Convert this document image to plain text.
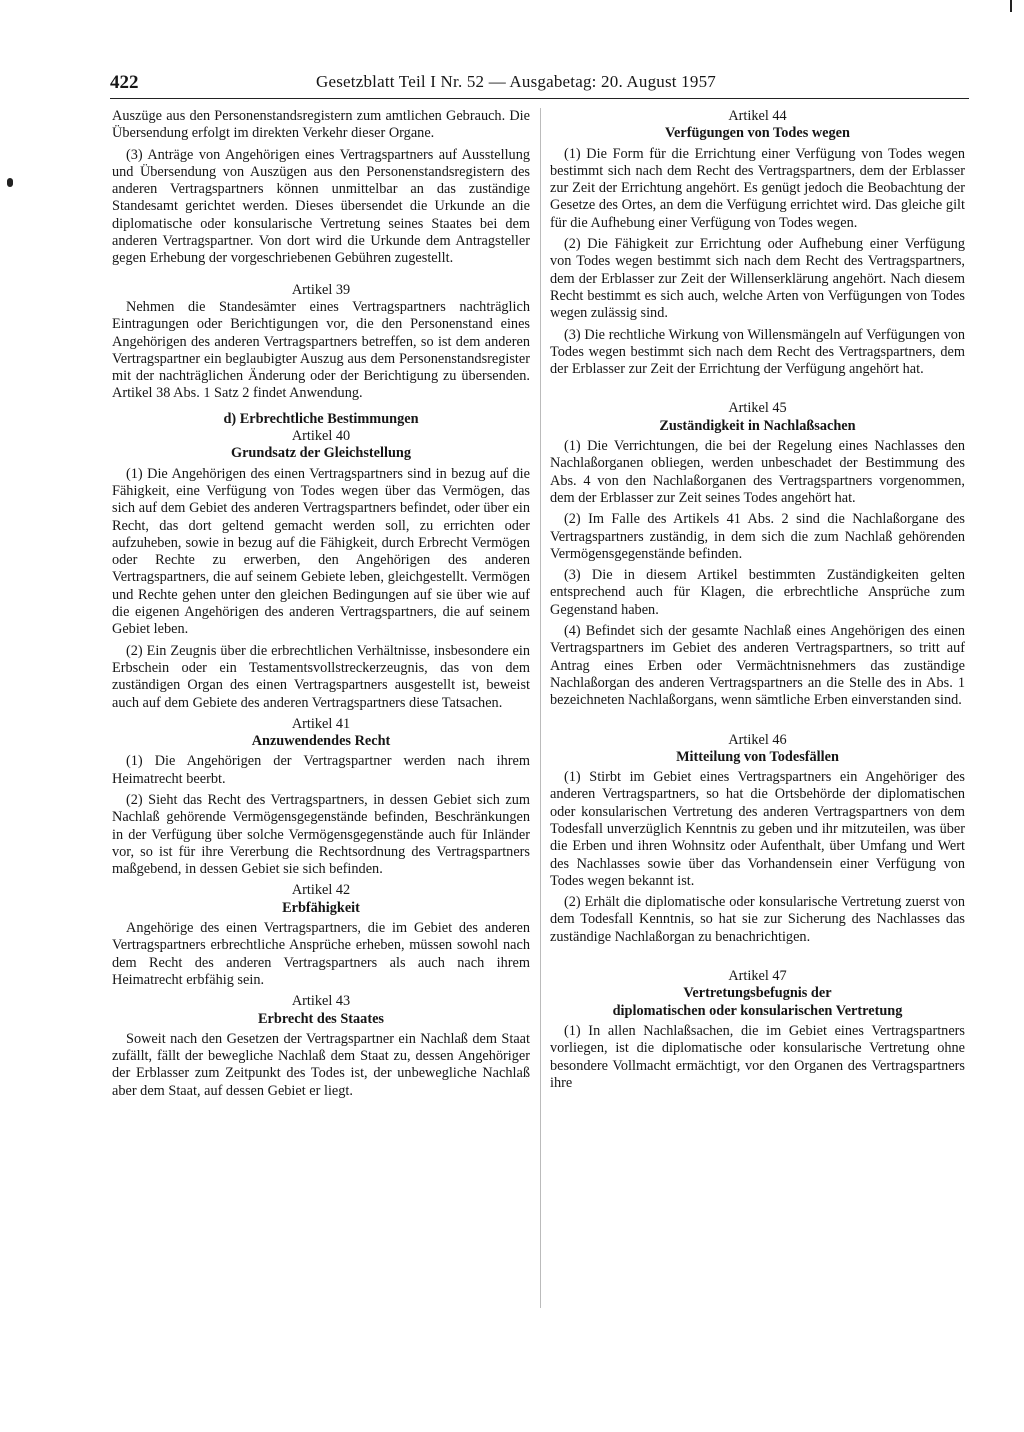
422	Gesetzblatt Teil I Nr. 52 — Ausgabetag: 20. August 1957

Auszüge aus den Personenstandsregistern zum amtlichen Gebrauch. Die Übersendung erfolgt im direkten Verkehr dieser Organe.

(3) Anträge von Angehörigen eines Vertragspartners auf Ausstellung und Übersendung von Auszügen aus den Personenstandsregistern des anderen Vertragspartners können unmittelbar an das zuständige Standesamt gerichtet werden. Dieses übersendet die Urkunde an die diplomatische oder konsularische Vertretung seines Staates bei dem anderen Vertragspartner. Von dort wird die Urkunde dem Antragsteller gegen Erhebung der vorgeschriebenen Gebühren zugestellt.

Artikel 39

Nehmen die Standesämter eines Vertragspartners nachträglich Eintragungen oder Berichtigungen vor, die den Personenstand eines Angehörigen des anderen Vertragspartners betreffen, so ist dem anderen Vertragspartner ein beglaubigter Auszug aus dem Personenstandsregister mit der nachträglichen Änderung oder der Berichtigung zu übersenden. Artikel 38 Abs. 1 Satz 2 findet Anwendung.

d) Erbrechtliche Bestimmungen
Artikel 40
Grundsatz der Gleichstellung

(1) Die Angehörigen des einen Vertragspartners sind in bezug auf die Fähigkeit, eine Verfügung von Todes wegen über das Vermögen, das sich auf dem Gebiet des anderen Vertragspartners befindet, oder über ein Recht, das dort geltend gemacht werden soll, zu errichten oder aufzuheben, sowie in bezug auf die Fähigkeit, durch Erbrecht Vermögen oder Rechte zu erwerben, den Angehörigen des anderen Vertragspartners, die auf seinem Gebiete leben, gleichgestellt. Vermögen und Rechte gehen unter den gleichen Bedingungen auf sie über wie auf die eigenen Angehörigen des anderen Vertragspartners, die auf seinem Gebiet leben.

(2) Ein Zeugnis über die erbrechtlichen Verhältnisse, insbesondere ein Erbschein oder ein Testamentsvollstreckerzeugnis, das von dem zuständigen Organ des einen Vertragspartners ausgestellt ist, beweist auch auf dem Gebiete des anderen Vertragspartners diese Tatsachen.

Artikel 41
Anzuwendendes Recht

(1) Die Angehörigen der Vertragspartner werden nach ihrem Heimatrecht beerbt.

(2) Sieht das Recht des Vertragspartners, in dessen Gebiet sich zum Nachlaß gehörende Vermögensgegenstände befinden, Beschränkungen in der Verfügung über solche Vermögensgegenstände auch für Inländer vor, so ist für ihre Vererbung die Rechtsordnung des Vertragspartners maßgebend, in dessen Gebiet sie sich befinden.

Artikel 42
Erbfähigkeit

Angehörige des einen Vertragspartners, die im Gebiet des anderen Vertragspartners erbrechtliche Ansprüche erheben, müssen sowohl nach dem Recht des anderen Vertragspartners als auch nach ihrem Heimatrecht erbfähig sein.

Artikel 43
Erbrecht des Staates

Soweit nach den Gesetzen der Vertragspartner ein Nachlaß dem Staat zufällt, fällt der bewegliche Nachlaß dem Staat zu, dessen Angehöriger der Erblasser zum Zeitpunkt des Todes ist, der unbewegliche Nachlaß aber dem Staat, auf dessen Gebiet er liegt.

Artikel 44
Verfügungen von Todes wegen

(1) Die Form für die Errichtung einer Verfügung von Todes wegen bestimmt sich nach dem Recht des Vertragspartners, dem der Erblasser zur Zeit der Errichtung angehört. Es genügt jedoch die Beobachtung der Gesetze des Ortes, an dem die Verfügung errichtet wird. Das gleiche gilt für die Aufhebung einer Verfügung von Todes wegen.

(2) Die Fähigkeit zur Errichtung oder Aufhebung einer Verfügung von Todes wegen bestimmt sich nach dem Recht des Vertragspartners, dem der Erblasser zur Zeit der Willenserklärung angehört. Nach diesem Recht bestimmt es sich auch, welche Arten von Verfügungen von Todes wegen zulässig sind.

(3) Die rechtliche Wirkung von Willensmängeln auf Verfügungen von Todes wegen bestimmt sich nach dem Recht des Vertragspartners, dem der Erblasser zur Zeit der Errichtung der Verfügung angehört hat.

Artikel 45
Zuständigkeit in Nachlaßsachen

(1) Die Verrichtungen, die bei der Regelung eines Nachlasses den Nachlaßorganen obliegen, werden unbeschadet der Bestimmung des Abs. 4 von den Nachlaßorganen des Vertragspartners vorgenommen, dem der Erblasser zur Zeit seines Todes angehört hat.

(2) Im Falle des Artikels 41 Abs. 2 sind die Nachlaßorgane des Vertragspartners zuständig, in dem sich die zum Nachlaß gehörenden Vermögensgegenstände befinden.

(3) Die in diesem Artikel bestimmten Zuständigkeiten gelten entsprechend auch für Klagen, die erbrechtliche Ansprüche zum Gegenstand haben.

(4) Befindet sich der gesamte Nachlaß eines Angehörigen des einen Vertragspartners im Gebiet des anderen Vertragspartners, so tritt auf Antrag eines Erben oder Vermächtnisnehmers das zuständige Nachlaßorgan des anderen Vertragspartners an die Stelle des in Abs. 1 bezeichneten Nachlaßorgans, wenn sämtliche Erben einverstanden sind.

Artikel 46
Mitteilung von Todesfällen

(1) Stirbt im Gebiet eines Vertragspartners ein Angehöriger des anderen Vertragspartners, so hat die Ortsbehörde der diplomatischen oder konsularischen Vertretung des anderen Vertragspartners von dem Todesfall unverzüglich Kenntnis zu geben und ihr mitzuteilen, was über die Erben und ihren Wohnsitz oder Aufenthalt, über Umfang und Wert des Nachlasses sowie über das Vorhandensein einer Verfügung von Todes wegen bekannt ist.

(2) Erhält die diplomatische oder konsularische Vertretung zuerst von dem Todesfall Kenntnis, so hat sie zur Sicherung des Nachlasses das zuständige Nachlaßorgan zu benachrichtigen.

Artikel 47
Vertretungsbefugnis der
diplomatischen oder konsularischen Vertretung

(1) In allen Nachlaßsachen, die im Gebiet eines Vertragspartners vorliegen, ist die diplomatische oder konsularische Vertretung ohne besondere Vollmacht ermächtigt, vor den Organen des Vertragspartners ihre
